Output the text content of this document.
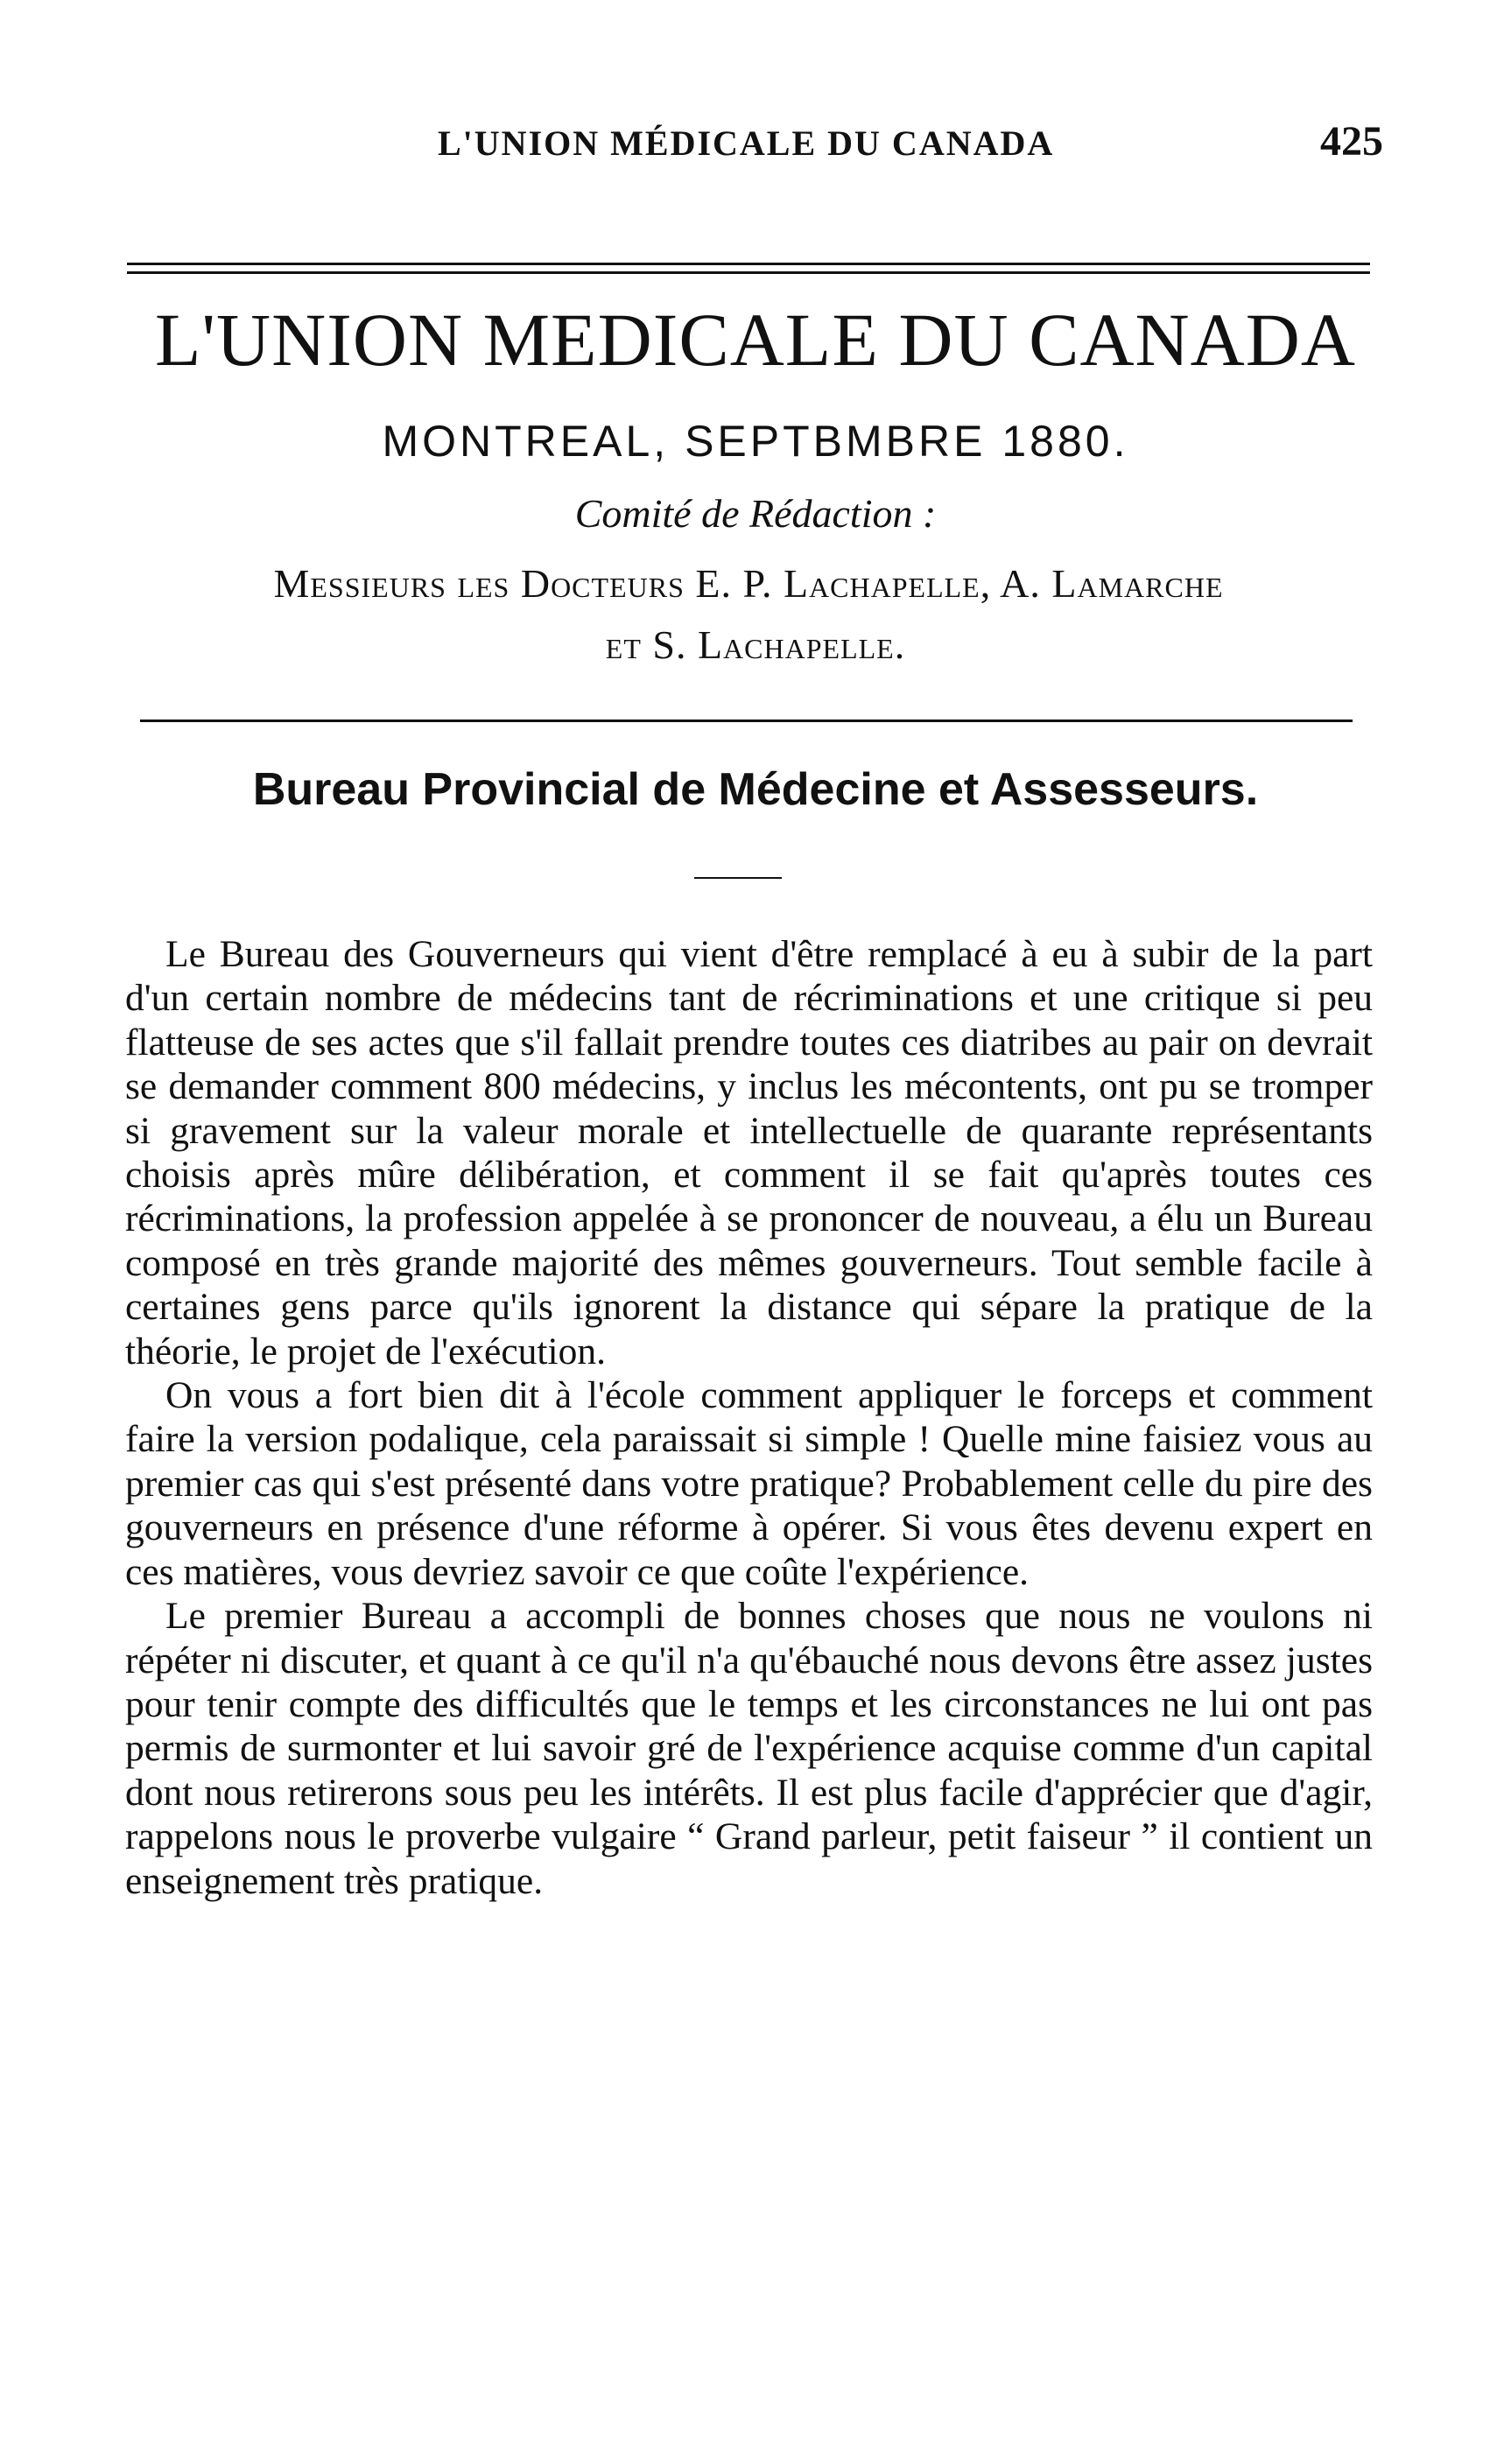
L'UNION MÉDICALE DU CANADA	425
L'UNION MEDICALE DU CANADA
MONTREAL, SEPTBMBRE 1880.
Comité de Rédaction :
Messieurs les Docteurs E. P. Lachapelle, A. Lamarche
et S. Lachapelle.
Bureau Provincial de Médecine et Assesseurs.

Le Bureau des Gouverneurs qui vient d'être remplacé à eu à subir de la part d'un certain nombre de médecins tant de récriminations et une critique si peu flatteuse de ses actes que s'il fallait prendre toutes ces diatribes au pair on devrait se demander comment 800 médecins, y inclus les mécontents, ont pu se tromper si gravement sur la valeur morale et intellectuelle de quarante représentants choisis après mûre délibération, et comment il se fait qu'après toutes ces récriminations, la profession appelée à se prononcer de nouveau, a élu un Bureau composé en très grande majorité des mêmes gouverneurs. Tout semble facile à certaines gens parce qu'ils ignorent la distance qui sépare la pratique de la théorie, le projet de l'exécution.

On vous a fort bien dit à l'école comment appliquer le forceps et comment faire la version podalique, cela paraissait si simple ! Quelle mine faisiez vous au premier cas qui s'est présenté dans votre pratique? Probablement celle du pire des gouverneurs en présence d'une réforme à opérer. Si vous êtes devenu expert en ces matières, vous devriez savoir ce que coûte l'expérience.

Le premier Bureau a accompli de bonnes choses que nous ne voulons ni répéter ni discuter, et quant à ce qu'il n'a qu'ébauché nous devons être assez justes pour tenir compte des difficultés que le temps et les circonstances ne lui ont pas permis de surmonter et lui savoir gré de l'expérience acquise comme d'un capital dont nous retirerons sous peu les intérêts. Il est plus facile d'apprécier que d'agir, rappelons nous le proverbe vulgaire “ Grand parleur, petit faiseur ” il contient un enseignement très pratique.
